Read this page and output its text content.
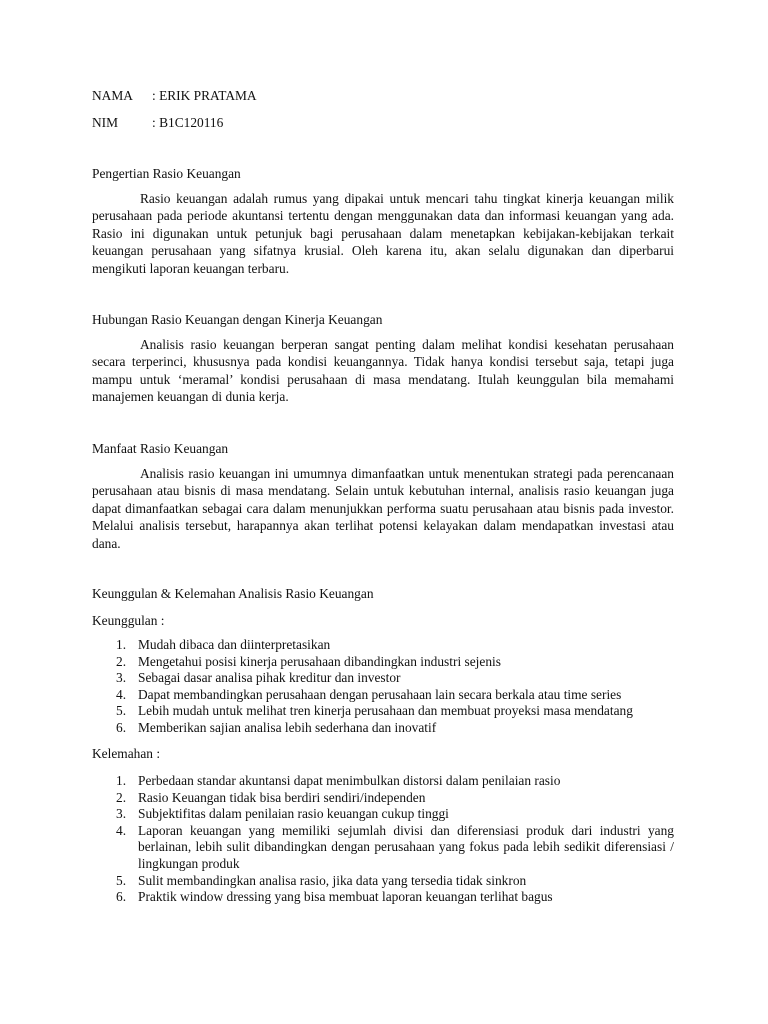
NAMA : ERIK PRATAMA
NIM	: B1C120116
Pengertian Rasio Keuangan

Rasio keuangan adalah rumus yang dipakai untuk mencari tahu tingkat kinerja keuangan milik perusahaan pada periode akuntansi tertentu dengan menggunakan data dan informasi keuangan yang ada. Rasio ini digunakan untuk petunjuk bagi perusahaan dalam menetapkan kebijakan-kebijakan terkait keuangan perusahaan yang sifatnya krusial. Oleh karena itu, akan selalu digunakan dan diperbarui mengikuti laporan keuangan terbaru.

Hubungan Rasio Keuangan dengan Kinerja Keuangan

Analisis rasio keuangan berperan sangat penting dalam melihat kondisi kesehatan perusahaan secara terperinci, khususnya pada kondisi keuangannya. Tidak hanya kondisi tersebut saja, tetapi juga mampu untuk ‘meramal’ kondisi perusahaan di masa mendatang. Itulah keunggulan bila memahami manajemen keuangan di dunia kerja.

Manfaat Rasio Keuangan

Analisis rasio keuangan ini umumnya dimanfaatkan untuk menentukan strategi pada perencanaan perusahaan atau bisnis di masa mendatang. Selain untuk kebutuhan internal, analisis rasio keuangan juga dapat dimanfaatkan sebagai cara dalam menunjukkan performa suatu perusahaan atau bisnis pada investor. Melalui analisis tersebut, harapannya akan terlihat potensi kelayakan dalam mendapatkan investasi atau dana.

Keunggulan & Kelemahan Analisis Rasio Keuangan
Keunggulan :
1. Mudah dibaca dan diinterpretasikan
2. Mengetahui posisi kinerja perusahaan dibandingkan industri sejenis
3. Sebagai dasar analisa pihak kreditur dan investor
4. Dapat membandingkan perusahaan dengan perusahaan lain secara berkala atau time series
5. Lebih mudah untuk melihat tren kinerja perusahaan dan membuat proyeksi masa mendatang
6. Memberikan sajian analisa lebih sederhana dan inovatif
Kelemahan :
1. Perbedaan standar akuntansi dapat menimbulkan distorsi dalam penilaian rasio
2. Rasio Keuangan tidak bisa berdiri sendiri/independen
3. Subjektifitas dalam penilaian rasio keuangan cukup tinggi
4. Laporan keuangan yang memiliki sejumlah divisi dan diferensiasi produk dari industri yang berlainan, lebih sulit dibandingkan dengan perusahaan yang fokus pada lebih sedikit diferensiasi / lingkungan produk
5. Sulit membandingkan analisa rasio, jika data yang tersedia tidak sinkron
6. Praktik window dressing yang bisa membuat laporan keuangan terlihat bagus
